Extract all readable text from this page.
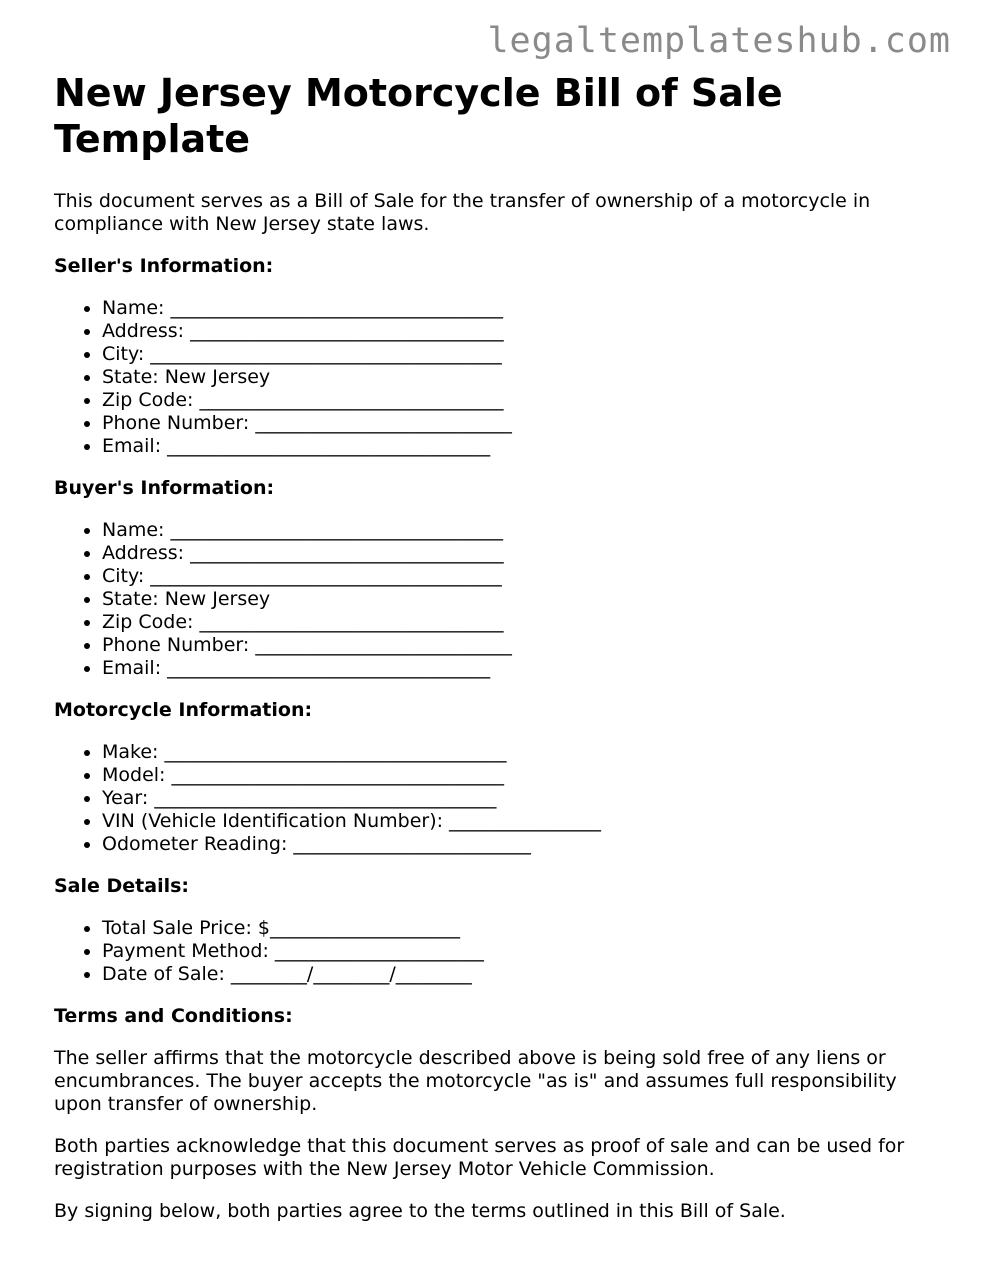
legaltemplateshub.com

New Jersey Motorcycle Bill of Sale Template

This document serves as a Bill of Sale for the transfer of ownership of a motorcycle in compliance with New Jersey state laws.

Seller's Information:
• Name: ___________________________________
• Address: _________________________________
• City: _____________________________________
• State: New Jersey
• Zip Code: ________________________________
• Phone Number: ___________________________
• Email: __________________________________
Buyer's Information:
• Name: ___________________________________
• Address: _________________________________
• City: _____________________________________
• State: New Jersey
• Zip Code: ________________________________
• Phone Number: ___________________________
• Email: __________________________________
Motorcycle Information:
• Make: ____________________________________
• Model: ___________________________________
• Year: ____________________________________
• VIN (Vehicle Identification Number): ________________
• Odometer Reading: _________________________
Sale Details:
• Total Sale Price: $____________________
• Payment Method: ______________________
• Date of Sale: ________/________/________
Terms and Conditions:

The seller affirms that the motorcycle described above is being sold free of any liens or encumbrances. The buyer accepts the motorcycle "as is" and assumes full responsibility upon transfer of ownership.

Both parties acknowledge that this document serves as proof of sale and can be used for registration purposes with the New Jersey Motor Vehicle Commission.

By signing below, both parties agree to the terms outlined in this Bill of Sale.
